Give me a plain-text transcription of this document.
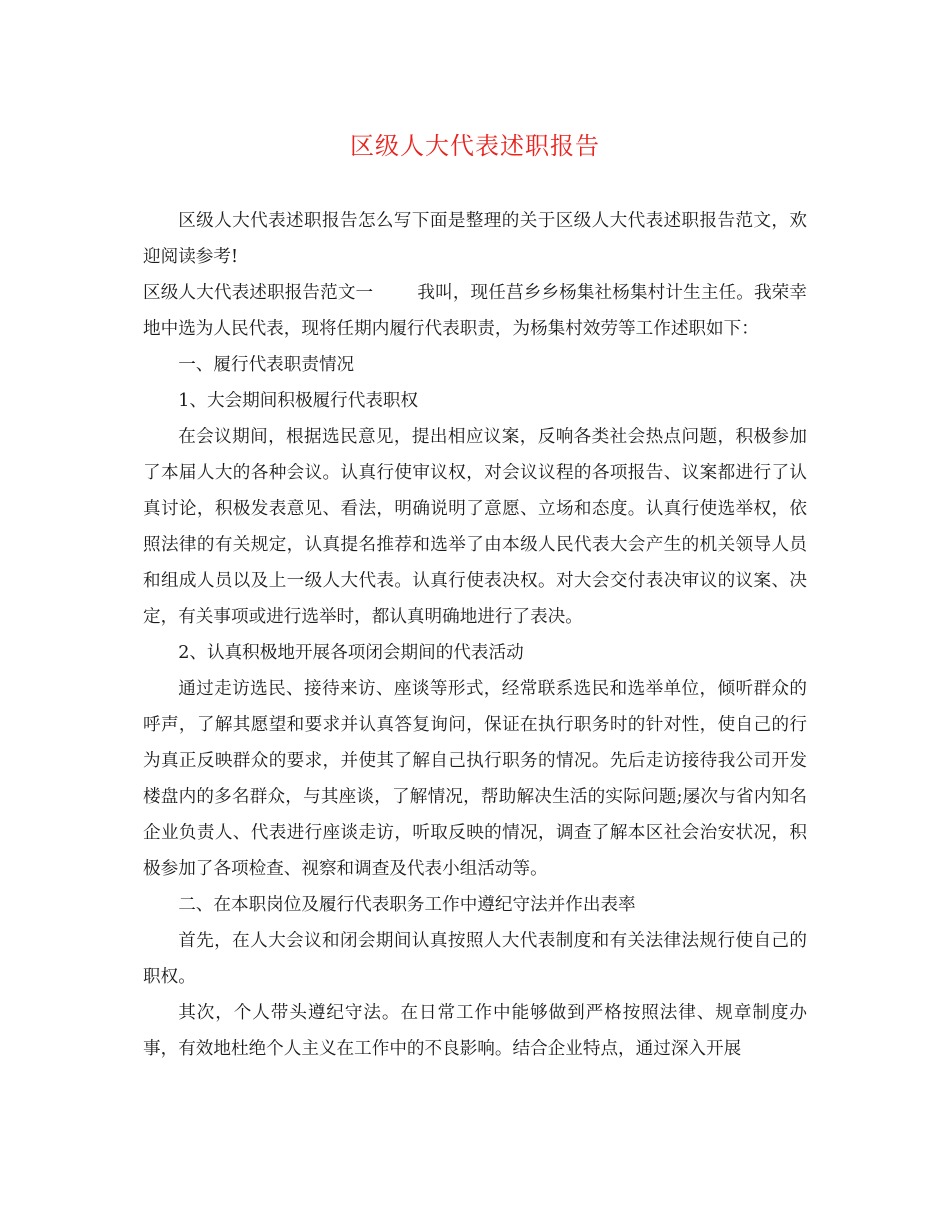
区级人大代表述职报告

区级人大代表述职报告怎么写下面是整理的关于区级人大代表述职报告范文，欢迎阅读参考!

区级人大代表述职报告范文一	我叫，现任莒乡乡杨集社杨集村计生主任。我荣幸地中选为人民代表，现将任期内履行代表职责，为杨集村效劳等工作述职如下：

一、履行代表职责情况

1、大会期间积极履行代表职权

在会议期间，根据选民意见，提出相应议案，反响各类社会热点问题，积极参加了本届人大的各种会议。认真行使审议权，对会议议程的各项报告、议案都进行了认真讨论，积极发表意见、看法，明确说明了意愿、立场和态度。认真行使选举权，依照法律的有关规定，认真提名推荐和选举了由本级人民代表大会产生的机关领导人员和组成人员以及上一级人大代表。认真行使表决权。对大会交付表决审议的议案、决定，有关事项或进行选举时，都认真明确地进行了表决。

2、认真积极地开展各项闭会期间的代表活动

通过走访选民、接待来访、座谈等形式，经常联系选民和选举单位，倾听群众的呼声，了解其愿望和要求并认真答复询问，保证在执行职务时的针对性，使自己的行为真正反映群众的要求，并使其了解自己执行职务的情况。先后走访接待我公司开发楼盘内的多名群众，与其座谈，了解情况，帮助解决生活的实际问题;屡次与省内知名企业负责人、代表进行座谈走访，听取反映的情况，调查了解本区社会治安状况，积极参加了各项检查、视察和调查及代表小组活动等。

二、在本职岗位及履行代表职务工作中遵纪守法并作出表率

首先，在人大会议和闭会期间认真按照人大代表制度和有关法律法规行使自己的职权。

其次，个人带头遵纪守法。在日常工作中能够做到严格按照法律、规章制度办事，有效地杜绝个人主义在工作中的不良影响。结合企业特点，通过深入开展
